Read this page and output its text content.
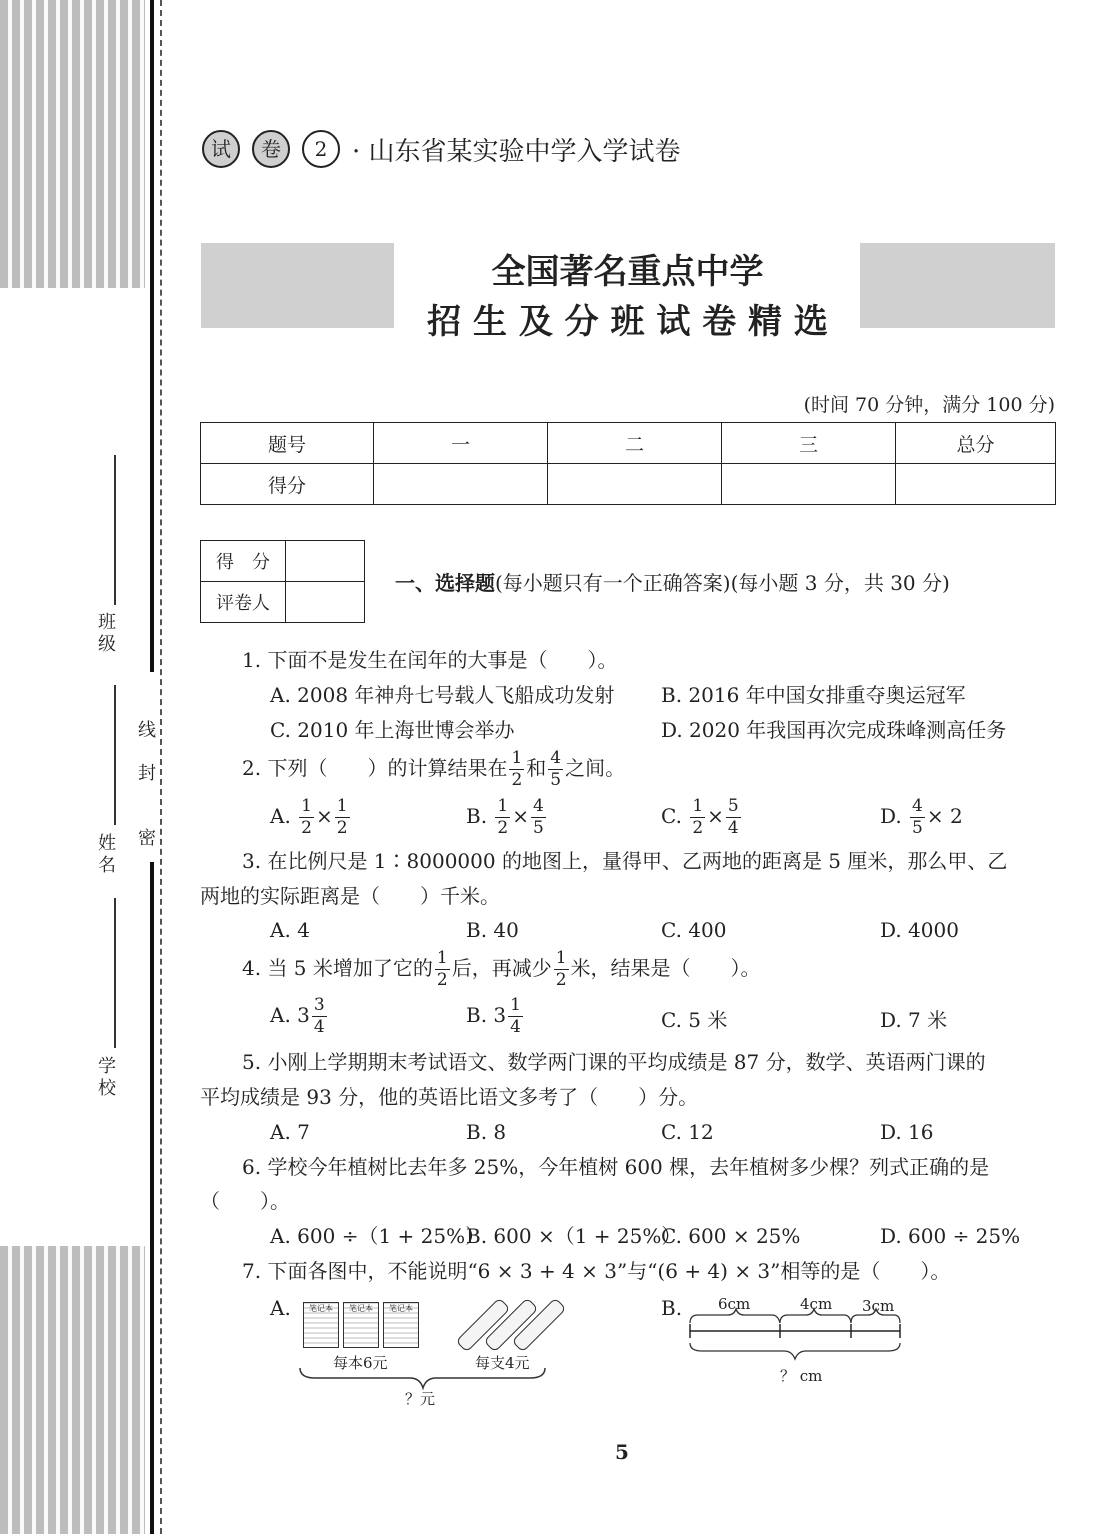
班级
姓名
学校
线
封
密
试	卷	2 · 山东省某实验中学入学试卷
全国著名重点中学
招 生 及 分 班 试 卷 精 选
(时间 70 分钟，满分 100 分)
题号	一	二	三	总分
得分				
得　分	
评卷人	
一、选择题(每小题只有一个正确答案)(每小题 3 分，共 30 分)
1. 下面不是发生在闰年的大事是（　　）。
A. 2008 年神舟七号载人飞船成功发射 B. 2016 年中国女排重夺奥运冠军
C. 2010 年上海世博会举办	D. 2020 年我国再次完成珠峰测高任务
2. 下列（　　）的计算结果在 $\frac{1}{2}$ 和 $\frac{4}{5}$ 之间。
A. $\frac{1}{2} \times \frac{1}{2}$	B. $\frac{1}{2} \times \frac{4}{5}$	C. $\frac{1}{2} \times \frac{5}{4}$	D. $\frac{4}{5} \times 2$
3. 在比例尺是 1∶8000000 的地图上，量得甲、乙两地的距离是 5 厘米，那么甲、乙
两地的实际距离是（　　）千米。
A. 4	B. 40	C. 400	D. 4000
4. 当 5 米增加了它的 $\frac{1}{2}$ 后，再减少 $\frac{1}{2}$ 米，结果是（　　）。
A. $3 \frac{3}{4}$	B. $3 \frac{1}{4}$	C. 5 米	D. 7 米
5. 小刚上学期期末考试语文、数学两门课的平均成绩是 87 分，数学、英语两门课的
平均成绩是 93 分，他的英语比语文多考了（　　）分。
A. 7	B. 8	C. 12	D. 16
6. 学校今年植树比去年多 25%，今年植树 600 棵，去年植树多少棵？列式正确的是
（　　）。
A. 600 ÷（1 + 25%）
B. 600 ×（1 + 25%）
C. 600 × 25%	D. 600 ÷ 25%
7. 下面各图中，不能说明“6 × 3 + 4 × 3”与“(6 + 4) × 3”相等的是（　　）。
A.	笔记本	笔记本	笔记本
每本6元	每支4元
？元
B. 6cm	4cm 3cm
？ cm
5
